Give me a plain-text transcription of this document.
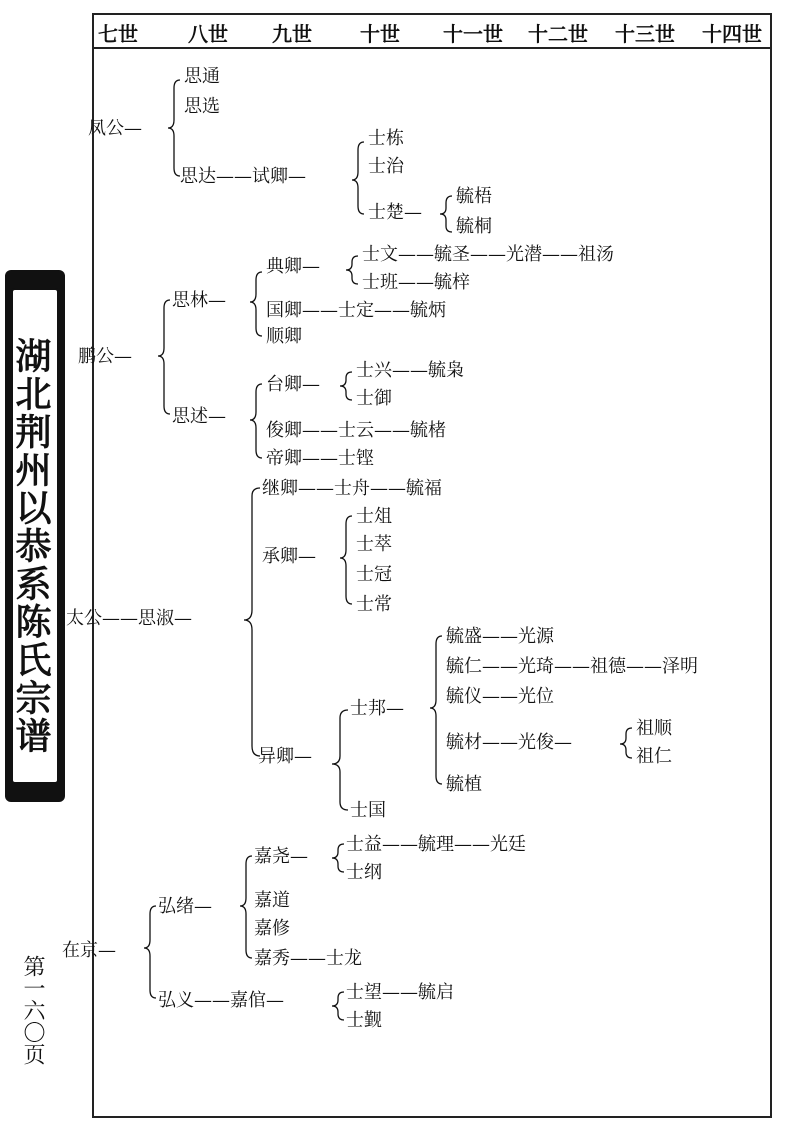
七世	八世 九世 十世 十一世 十二世 十三世 十四世
湖北荆州以恭系陈氏宗谱
第一六〇页
凤公—
思通
思选
思达——试卿—
士栋
士治
士楚—
毓梧
毓桐
鹏公—
思林—
典卿—
士文——毓圣——光潜——祖汤
士班——毓梓
国卿——士定——毓炳
顺卿
思述—
台卿—
士兴——毓枭
士御
俊卿——士云——毓楮
帝卿——士铿
太公——思淑—
继卿——士舟——毓福
承卿—
士俎
士萃
士冠
士常
毓盛——光源
毓仁——光琦——祖德——泽明
毓仪——光位
毓材——光俊—
祖顺
祖仁
毓植
士邦—
异卿—
士国
在京—
弘绪—
嘉尧—
士益——毓理——光廷
士纲
嘉道
嘉修
嘉秀——士龙
弘义——嘉倌—	士望——毓启
士觐
